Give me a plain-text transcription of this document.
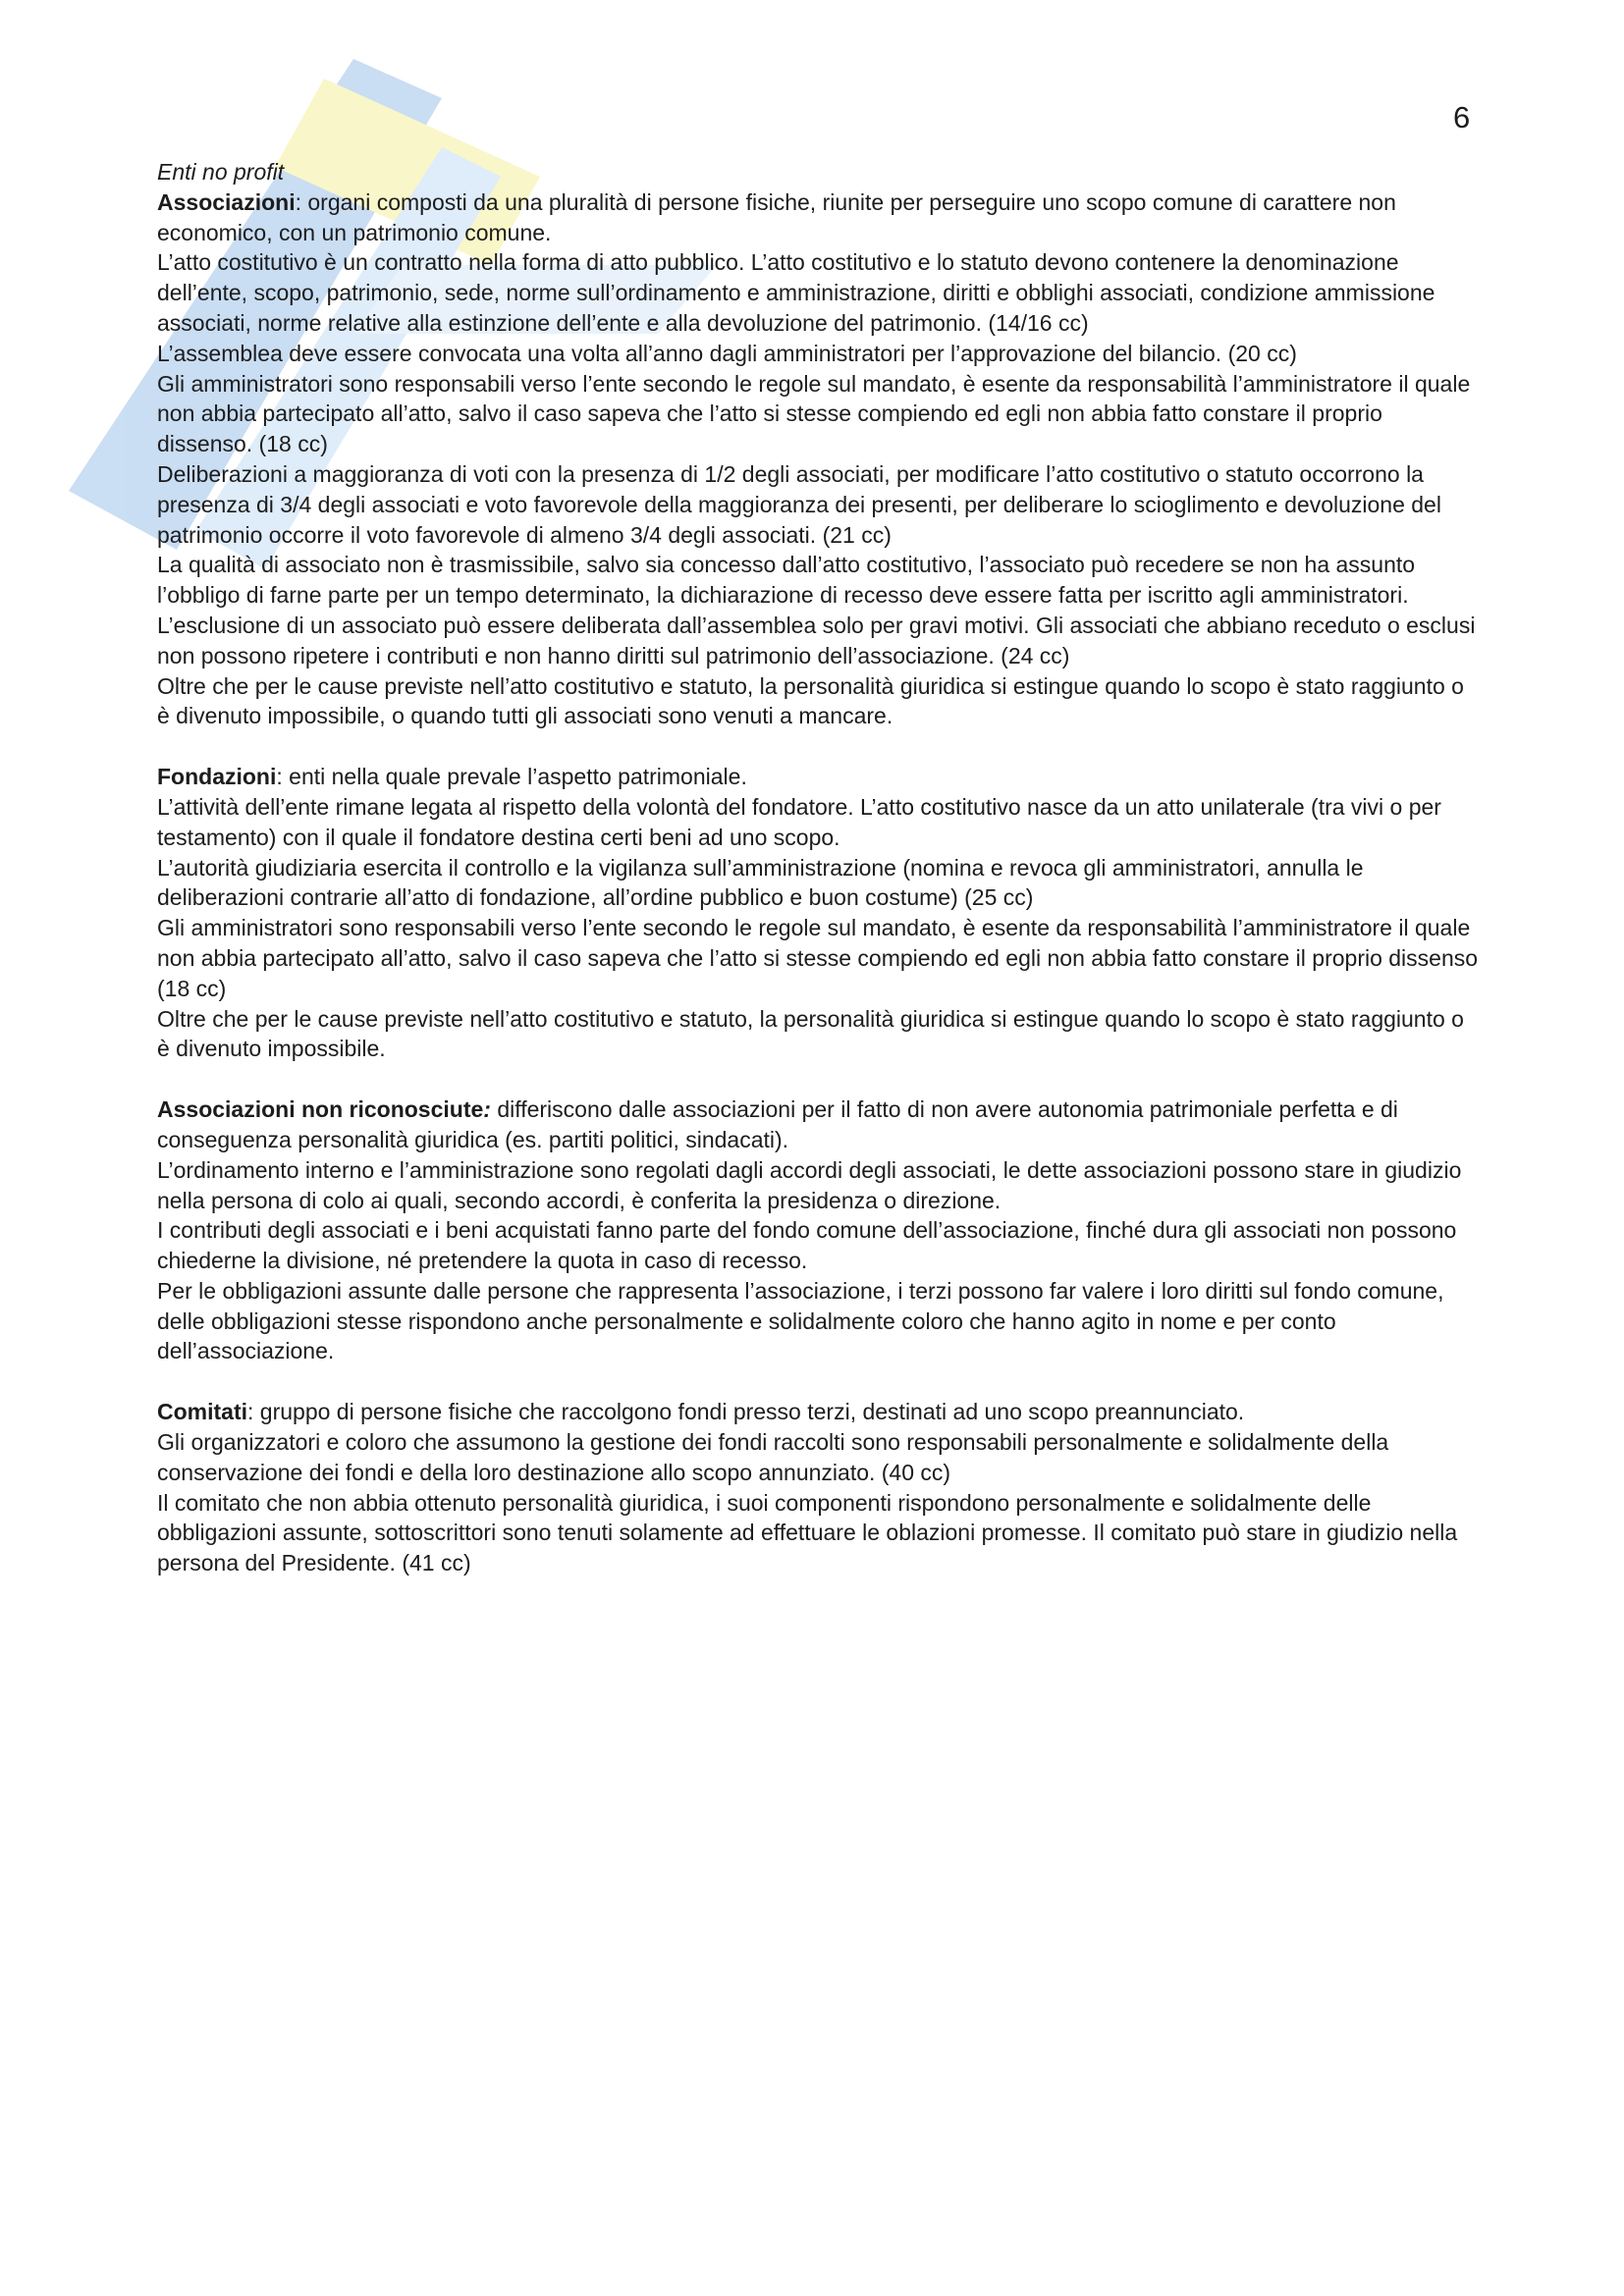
6

Enti no profit

Associazioni: organi composti da una pluralità di persone fisiche, riunite per perseguire uno scopo comune di carattere non economico, con un patrimonio comune.

L’atto costitutivo è un contratto nella forma di atto pubblico. L’atto costitutivo e lo statuto devono contenere la denominazione dell’ente, scopo, patrimonio, sede, norme sull’ordinamento e amministrazione, diritti e obblighi associati, condizione ammissione associati, norme relative alla estinzione dell’ente e alla devoluzione del patrimonio. (14/16 cc)

L’assemblea deve essere convocata una volta all’anno dagli amministratori per l’approvazione del bilancio. (20 cc)

Gli amministratori sono responsabili verso l’ente secondo le regole sul mandato, è esente da responsabilità l’amministratore il quale non abbia partecipato all’atto, salvo il caso sapeva che l’atto si stesse compiendo ed egli non abbia fatto constare il proprio dissenso. (18 cc)

Deliberazioni a maggioranza di voti con la presenza di 1/2 degli associati, per modificare l’atto costitutivo o statuto occorrono la presenza di 3/4 degli associati e voto favorevole della maggioranza dei presenti, per deliberare lo scioglimento e devoluzione del patrimonio occorre il voto favorevole di almeno 3/4 degli associati. (21 cc)

La qualità di associato non è trasmissibile, salvo sia concesso dall’atto costitutivo, l’associato può recedere se non ha assunto l’obbligo di farne parte per un tempo determinato, la dichiarazione di recesso deve essere fatta per iscritto agli amministratori. L’esclusione di un associato può essere deliberata dall’assemblea solo per gravi motivi. Gli associati che abbiano receduto o esclusi non possono ripetere i contributi e non hanno diritti sul patrimonio dell’associazione. (24 cc)

Oltre che per le cause previste nell’atto costitutivo e statuto, la personalità giuridica si estingue quando lo scopo è stato raggiunto o è divenuto impossibile, o quando tutti gli associati sono venuti a mancare.

Fondazioni: enti nella quale prevale l’aspetto patrimoniale.

L’attività dell’ente rimane legata al rispetto della volontà del fondatore. L’atto costitutivo nasce da un atto unilaterale (tra vivi o per testamento) con il quale il fondatore destina certi beni ad uno scopo.

L’autorità giudiziaria esercita il controllo e la vigilanza sull’amministrazione (nomina e revoca gli amministratori, annulla le deliberazioni contrarie all’atto di fondazione, all’ordine pubblico e buon costume) (25 cc)

Gli amministratori sono responsabili verso l’ente secondo le regole sul mandato, è esente da responsabilità l’amministratore il quale non abbia partecipato all’atto, salvo il caso sapeva che l’atto si stesse compiendo ed egli non abbia fatto constare il proprio dissenso (18 cc)

Oltre che per le cause previste nell’atto costitutivo e statuto, la personalità giuridica si estingue quando lo scopo è stato raggiunto o è divenuto impossibile.

Associazioni non riconosciute: differiscono dalle associazioni per il fatto di non avere autonomia patrimoniale perfetta e di conseguenza personalità giuridica (es. partiti politici, sindacati).

L’ordinamento interno e l’amministrazione sono regolati dagli accordi degli associati, le dette associazioni possono stare in giudizio nella persona di colo ai quali, secondo accordi, è conferita la presidenza o direzione.

I contributi degli associati e i beni acquistati fanno parte del fondo comune dell’associazione, finché dura gli associati non possono chiederne la divisione, né pretendere la quota in caso di recesso.

Per le obbligazioni assunte dalle persone che rappresenta l’associazione, i terzi possono far valere i loro diritti sul fondo comune, delle obbligazioni stesse rispondono anche personalmente e solidalmente coloro che hanno agito in nome e per conto dell’associazione.

Comitati: gruppo di persone fisiche che raccolgono fondi presso terzi, destinati ad uno scopo preannunciato.

Gli organizzatori e coloro che assumono la gestione dei fondi raccolti sono responsabili personalmente e solidalmente della conservazione dei fondi e della loro destinazione allo scopo annunziato. (40 cc)

Il comitato che non abbia ottenuto personalità giuridica, i suoi componenti rispondono personalmente e solidalmente delle obbligazioni assunte, sottoscrittori sono tenuti solamente ad effettuare le oblazioni promesse. Il comitato può stare in giudizio nella persona del Presidente. (41 cc)
